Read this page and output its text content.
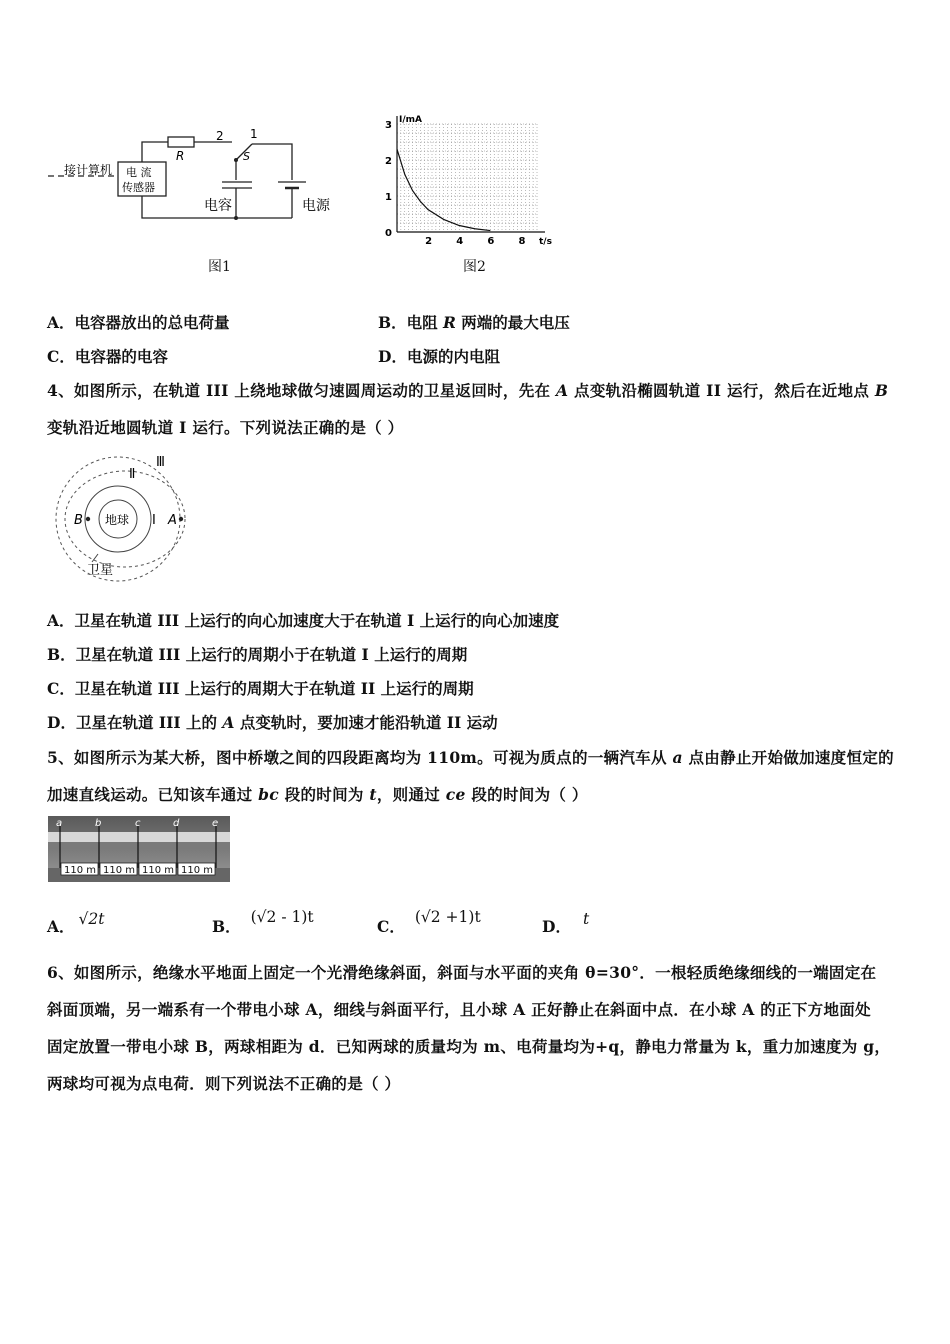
接计算机 电 流
传感器
R
2 1
S
电容	电源
图1
2 4 6 8
0
1
2
3 I/mA
t/s
图2
A．电容器放出的总电荷量	B．电阻 R 两端的最大电压
C．电容器的电容	D．电源的内电阻
4、如图所示，在轨道 III 上绕地球做匀速圆周运动的卫星返回时，先在 A 点变轨沿椭圆轨道 II 运行，然后在近地点 B
变轨沿近地圆轨道 I 运行。下列说法正确的是（ ）
Ⅲ
Ⅱ
I A
B 地球
卫星
A．卫星在轨道 III 上运行的向心加速度大于在轨道 I 上运行的向心加速度
B．卫星在轨道 III 上运行的周期小于在轨道 I 上运行的周期
C．卫星在轨道 III 上运行的周期大于在轨道 II 上运行的周期
D．卫星在轨道 III 上的 A 点变轨时，要加速才能沿轨道 II 运动
5、如图所示为某大桥，图中桥墩之间的四段距离均为 110m。可视为质点的一辆汽车从 a 点由静止开始做加速度恒定的
加速直线运动。已知该车通过 bc 段的时间为 t，则通过 ce 段的时间为（ ）
a	b	c	d	e
110 m 110 m 110 m 110 m
A． √2t	B． (√2 - 1)t	C． (√2 +1)t	D． t
6、如图所示，绝缘水平地面上固定一个光滑绝缘斜面，斜面与水平面的夹角 θ=30°．一根轻质绝缘细线的一端固定在
斜面顶端，另一端系有一个带电小球 A，细线与斜面平行，且小球 A 正好静止在斜面中点．在小球 A 的正下方地面处
固定放置一带电小球 B，两球相距为 d．已知两球的质量均为 m、电荷量均为+q，静电力常量为 k，重力加速度为 g，
两球均可视为点电荷．则下列说法不正确的是（ ）
